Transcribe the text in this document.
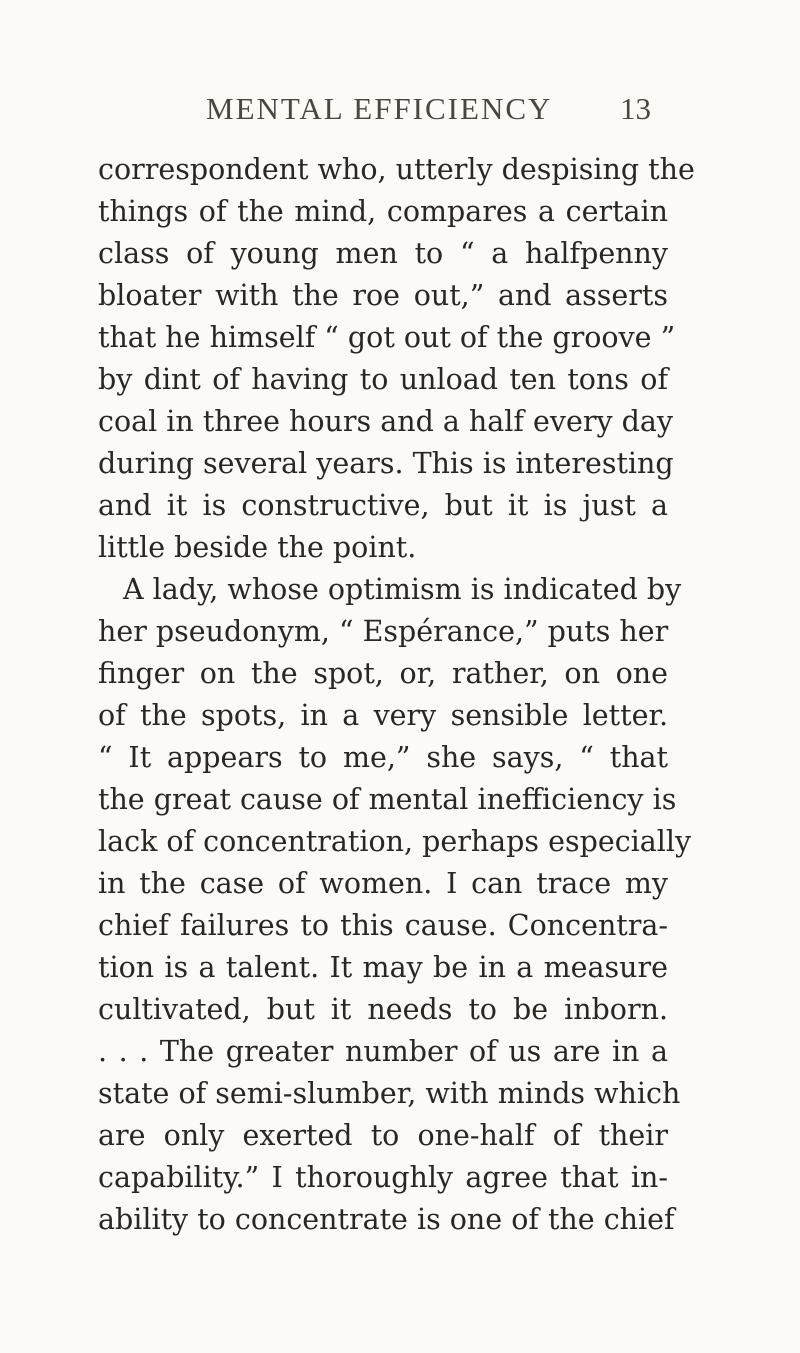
MENTAL EFFICIENCY 13
correspondent who, utterly despising the
things of the mind, compares a certain
class of young men to “ a halfpenny
bloater with the roe out,” and asserts
that he himself “ got out of the groove ”
by dint of having to unload ten tons of
coal in three hours and a half every day
during several years. This is interesting
and it is constructive, but it is just a
little beside the point.
A lady, whose optimism is indicated by
her pseudonym, “ Espérance,” puts her
finger on the spot, or, rather, on one
of the spots, in a very sensible letter.
“ It appears to me,” she says, “ that
the great cause of mental inefficiency is
lack of concentration, perhaps especially
in the case of women. I can trace my
chief failures to this cause. Concentra-
tion is a talent. It may be in a measure
cultivated, but it needs to be inborn.
. . . The greater number of us are in a
state of semi-slumber, with minds which
are only exerted to one-half of their
capability.” I thoroughly agree that in-
ability to concentrate is one of the chief
